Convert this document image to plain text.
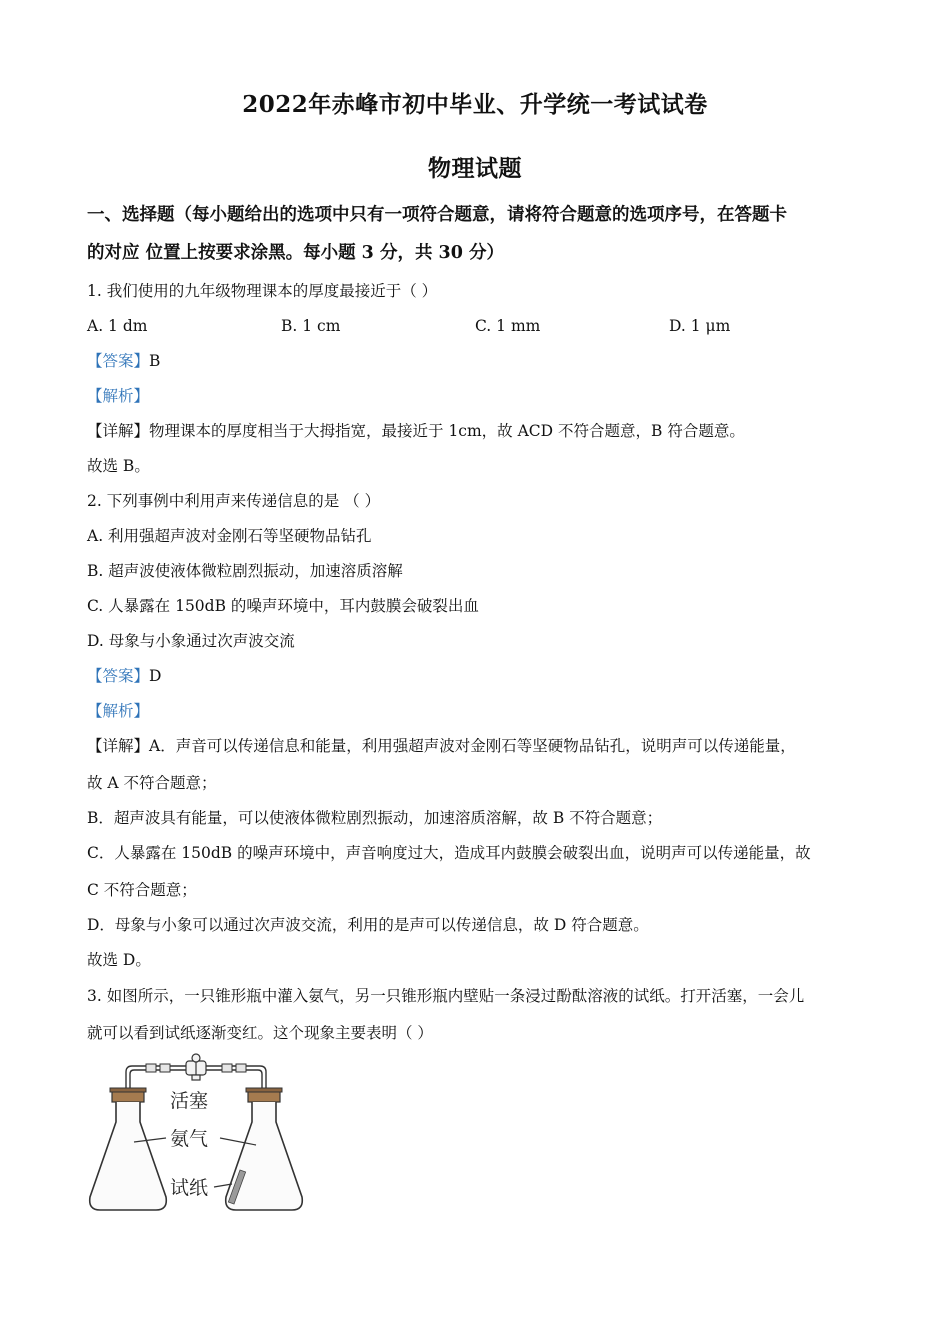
2022年赤峰市初中毕业、升学统一考试试卷
物理试题
一、选择题（每小题给出的选项中只有一项符合题意，请将符合题意的选项序号，在答题卡
的对应 位置上按要求涂黑。每小题 3 分，共 30 分）
1. 我们使用的九年级物理课本的厚度最接近于（ ）
A. 1 dm	B. 1 cm	C. 1 mm	D. 1 μm
【答案】B
【解析】
【详解】物理课本的厚度相当于大拇指宽，最接近于 1cm，故 ACD 不符合题意，B 符合题意。
故选 B。
2. 下列事例中利用声来传递信息的是 （ ）
A. 利用强超声波对金刚石等坚硬物品钻孔
B. 超声波使液体微粒剧烈振动，加速溶质溶解
C. 人暴露在 150dB 的噪声环境中，耳内鼓膜会破裂出血
D. 母象与小象通过次声波交流
【答案】D
【解析】
【详解】A．声音可以传递信息和能量，利用强超声波对金刚石等坚硬物品钻孔，说明声可以传递能量，
故 A 不符合题意；
B．超声波具有能量，可以使液体微粒剧烈振动，加速溶质溶解，故 B 不符合题意；
C．人暴露在 150dB 的噪声环境中，声音响度过大，造成耳内鼓膜会破裂出血，说明声可以传递能量，故
C 不符合题意；
D．母象与小象可以通过次声波交流，利用的是声可以传递信息，故 D 符合题意。
故选 D。
3. 如图所示，一只锥形瓶中灌入氨气，另一只锥形瓶内壁贴一条浸过酚酞溶液的试纸。打开活塞，一会儿
就可以看到试纸逐渐变红。这个现象主要表明（ ）
活塞
氨气
试纸
